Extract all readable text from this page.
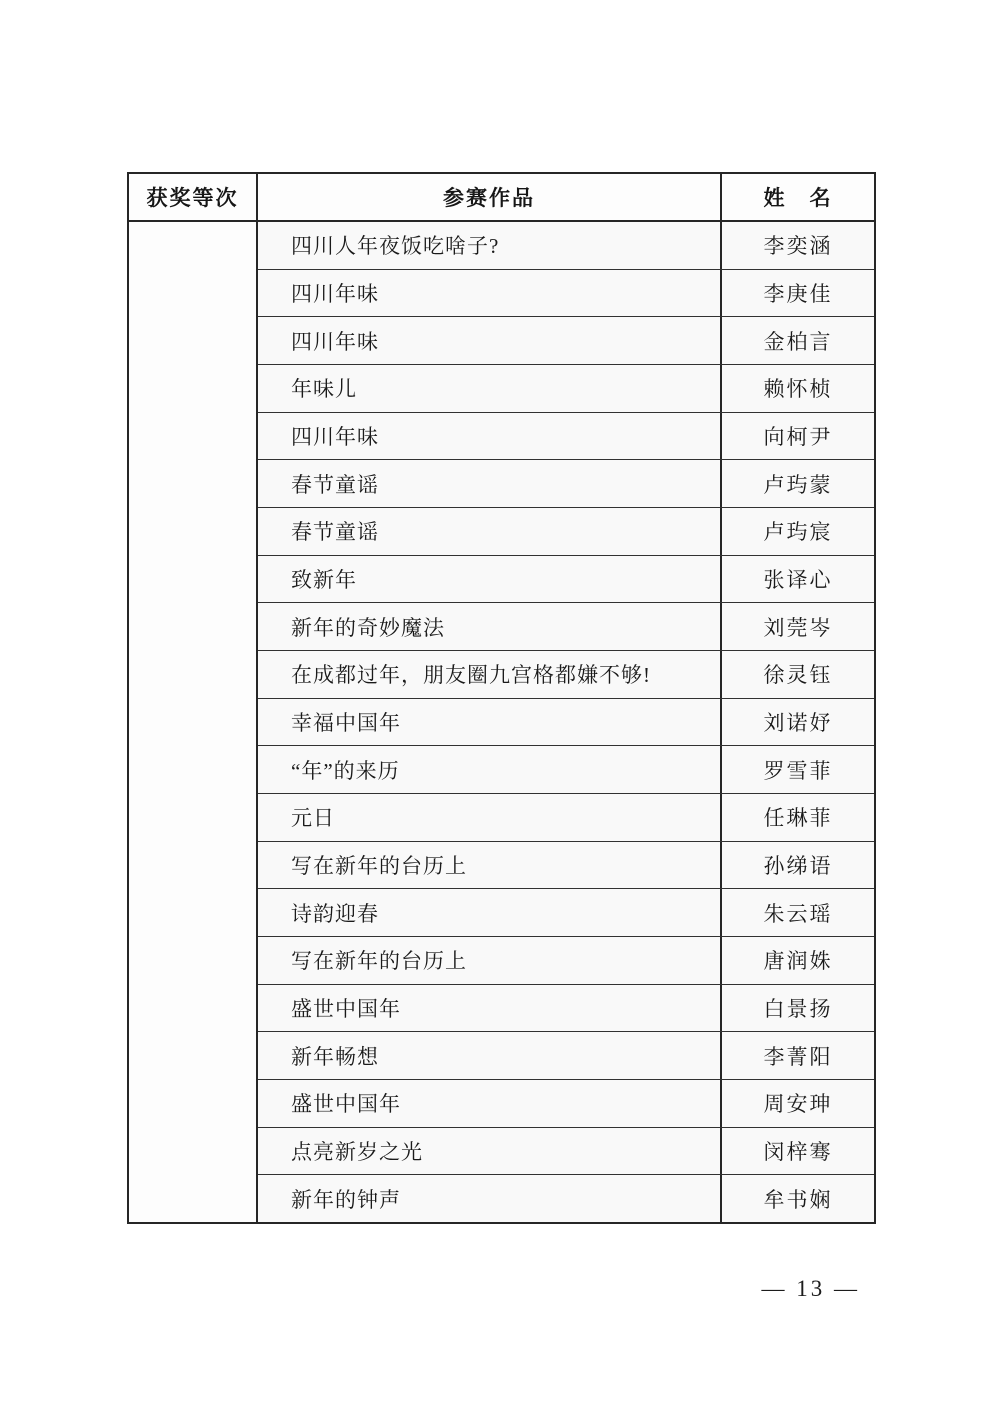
获奖等次	参赛作品	姓　名
四川人年夜饭吃啥子?	李奕涵
四川年味	李庚佳
四川年味	金柏言
年味儿	赖怀桢
四川年味	向柯尹
春节童谣	卢玙蒙
春节童谣	卢玙宸
致新年	张译心
新年的奇妙魔法	刘莞岑
在成都过年，朋友圈九宫格都嫌不够!	徐灵钰
幸福中国年	刘诺妤
“年”的来历	罗雪菲
元日	任琳菲
写在新年的台历上	孙绨语
诗韵迎春	朱云瑶
写在新年的台历上	唐润姝
盛世中国年	白景扬
新年畅想	李菁阳
盛世中国年	周安珅
点亮新岁之光	闵梓骞
新年的钟声	牟书娴
— 13 —
